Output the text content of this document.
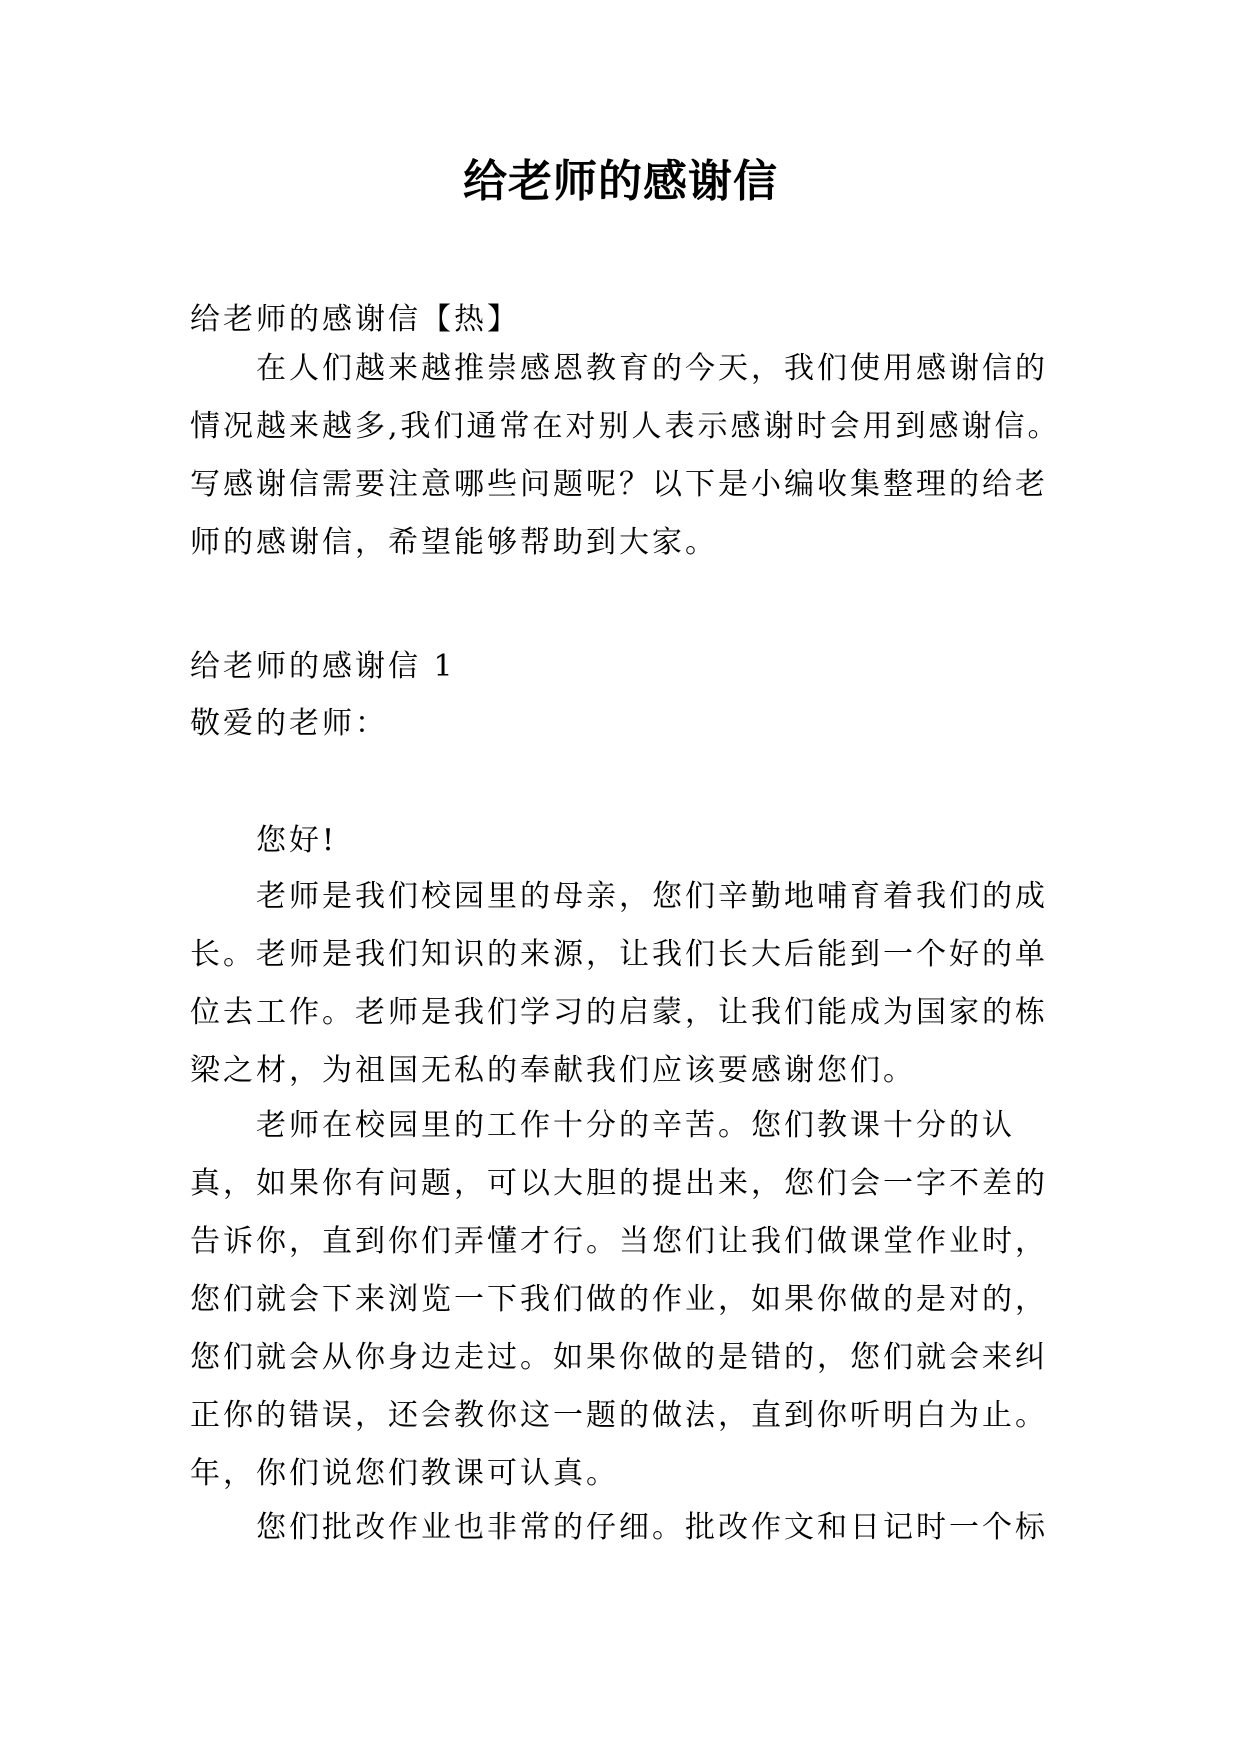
给老师的感谢信

给老师的感谢信【热】

在人们越来越推崇感恩教育的今天，我们使用感谢信的情况越来越多,我们通常在对别人表示感谢时会用到感谢信。写感谢信需要注意哪些问题呢？以下是小编收集整理的给老师的感谢信，希望能够帮助到大家。

给老师的感谢信 1

敬爱的老师：

您好!

老师是我们校园里的母亲，您们辛勤地哺育着我们的成长。老师是我们知识的来源，让我们长大后能到一个好的单位去工作。老师是我们学习的启蒙，让我们能成为国家的栋梁之材，为祖国无私的奉献我们应该要感谢您们。

老师在校园里的工作十分的辛苦。您们教课十分的认真，如果你有问题，可以大胆的提出来，您们会一字不差的告诉你，直到你们弄懂才行。当您们让我们做课堂作业时，您们就会下来浏览一下我们做的作业，如果你做的是对的，您们就会从你身边走过。如果你做的是错的，您们就会来纠正你的错误，还会教你这一题的做法，直到你听明白为止。年，你们说您们教课可认真。

您们批改作业也非常的仔细。批改作文和日记时一个标
